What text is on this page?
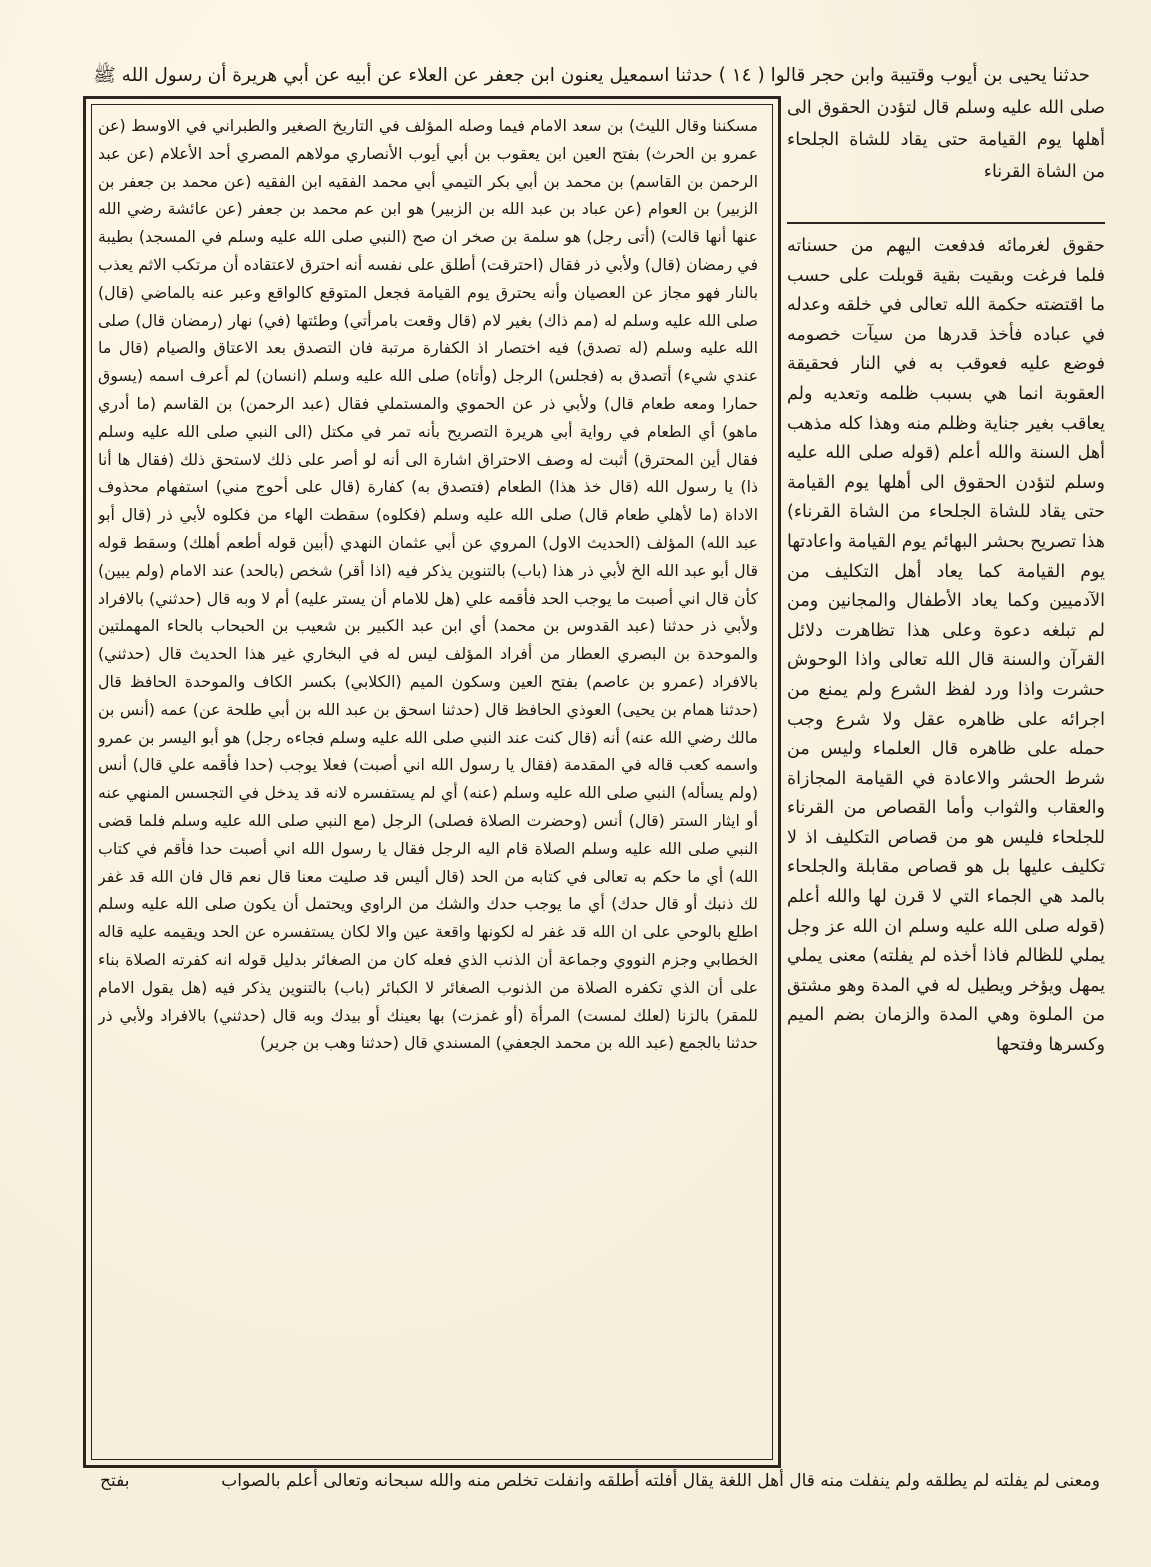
حدثنا يحيى بن أيوب وقتيبة وابن حجر قالوا ( ١٤ ) حدثنا اسمعيل يعنون ابن جعفر عن العلاء عن أبيه عن أبي هريرة أن رسول الله ﷺ

مسكننا وقال الليث) بن سعد الامام فيما وصله المؤلف في التاريخ الصغير والطبراني في الاوسط (عن عمرو بن الحرث) بفتح العين ابن يعقوب بن أبي أيوب الأنصاري مولاهم المصري أحد الأعلام (عن عبد الرحمن بن القاسم) بن محمد بن أبي بكر التيمي أبي محمد الفقيه ابن الفقيه (عن محمد بن جعفر بن الزبير) بن العوام (عن عباد بن عبد الله بن الزبير) هو ابن عم محمد بن جعفر (عن عائشة رضي الله عنها أنها قالت) (أتى رجل) هو سلمة بن صخر ان صح (النبي صلى الله عليه وسلم في المسجد) بطيبة في رمضان (قال) ولأبي ذر فقال (احترقت) أطلق على نفسه أنه احترق لاعتقاده أن مرتكب الاثم يعذب بالنار فهو مجاز عن العصيان وأنه يحترق يوم القيامة فجعل المتوقع كالواقع وعبر عنه بالماضي (قال) صلى الله عليه وسلم له (مم ذاك) بغير لام (قال وقعت بامرأتي) وطئتها (في) نهار (رمضان قال) صلى الله عليه وسلم (له تصدق) فيه اختصار اذ الكفارة مرتبة فان التصدق بعد الاعتاق والصيام (قال ما عندي شيء) أتصدق به (فجلس) الرجل (وأتاه) صلى الله عليه وسلم (انسان) لم أعرف اسمه (يسوق حمارا ومعه طعام قال) ولأبي ذر عن الحموي والمستملي فقال (عبد الرحمن) بن القاسم (ما أدري ماهو) أي الطعام في رواية أبي هريرة التصريح بأنه تمر في مكتل (الى النبي صلى الله عليه وسلم فقال أين المحترق) أثبت له وصف الاحتراق اشارة الى أنه لو أصر على ذلك لاستحق ذلك (فقال ها أنا ذا) يا رسول الله (قال خذ هذا) الطعام (فتصدق به) كفارة (قال على أحوج مني) استفهام محذوف الاداة (ما لأهلي طعام قال) صلى الله عليه وسلم (فكلوه) سقطت الهاء من فكلوه لأبي ذر (قال أبو عبد الله) المؤلف (الحديث الاول) المروي عن أبي عثمان النهدي (أبين قوله أطعم أهلك) وسقط قوله قال أبو عبد الله الخ لأبي ذر هذا (باب) بالتنوين يذكر فيه (اذا أقر) شخص (بالحد) عند الامام (ولم يبين) كأن قال اني أصبت ما يوجب الحد فأقمه علي (هل للامام أن يستر عليه) أم لا وبه قال (حدثني) بالافراد ولأبي ذر حدثنا (عبد القدوس بن محمد) أي ابن عبد الكبير بن شعيب بن الحبحاب بالحاء المهملتين والموحدة بن البصري العطار من أفراد المؤلف ليس له في البخاري غير هذا الحديث قال (حدثني) بالافراد (عمرو بن عاصم) بفتح العين وسكون الميم (الكلابي) بكسر الكاف والموحدة الحافظ قال (حدثنا همام بن يحيى) العوذي الحافظ قال (حدثنا اسحق بن عبد الله بن أبي طلحة عن) عمه (أنس بن مالك رضي الله عنه) أنه (قال كنت عند النبي صلى الله عليه وسلم فجاءه رجل) هو أبو اليسر بن عمرو واسمه كعب قاله في المقدمة (فقال يا رسول الله اني أصبت) فعلا يوجب (حدا فأقمه علي قال) أنس (ولم يسأله) النبي صلى الله عليه وسلم (عنه) أي لم يستفسره لانه قد يدخل في التجسس المنهي عنه أو ايثار الستر (قال) أنس (وحضرت الصلاة فصلى) الرجل (مع النبي صلى الله عليه وسلم فلما قضى النبي صلى الله عليه وسلم الصلاة قام اليه الرجل فقال يا رسول الله اني أصبت حدا فأقم في كتاب الله) أي ما حكم به تعالى في كتابه من الحد (قال أليس قد صليت معنا قال نعم قال فان الله قد غفر لك ذنبك أو قال حدك) أي ما يوجب حدك والشك من الراوي ويحتمل أن يكون صلى الله عليه وسلم اطلع بالوحي على ان الله قد غفر له لكونها واقعة عين والا لكان يستفسره عن الحد ويقيمه عليه قاله الخطابي وجزم النووي وجماعة أن الذنب الذي فعله كان من الصغائر بدليل قوله انه كفرته الصلاة بناء على أن الذي تكفره الصلاة من الذنوب الصغائر لا الكبائر (باب) بالتنوين يذكر فيه (هل يقول الامام للمقر) بالزنا (لعلك لمست) المرأة (أو غمزت) بها بعينك أو بيدك وبه قال (حدثني) بالافراد ولأبي ذر حدثنا بالجمع (عبد الله بن محمد الجعفي) المسندي قال (حدثنا وهب بن جرير)

صلى الله عليه وسلم قال لتؤدن الحقوق الى أهلها يوم القيامة حتى يقاد للشاة الجلحاء من الشاة القرناء

حقوق لغرمائه فدفعت اليهم من حسناته فلما فرغت وبقيت بقية قوبلت على حسب ما اقتضته حكمة الله تعالى في خلقه وعدله في عباده فأخذ قدرها من سيآت خصومه فوضع عليه فعوقب به في النار فحقيقة العقوبة انما هي بسبب ظلمه وتعديه ولم يعاقب بغير جناية وظلم منه وهذا كله مذهب أهل السنة والله أعلم (قوله صلى الله عليه وسلم لتؤدن الحقوق الى أهلها يوم القيامة حتى يقاد للشاة الجلحاء من الشاة القرناء) هذا تصريح بحشر البهائم يوم القيامة واعادتها يوم القيامة كما يعاد أهل التكليف من الآدميين وكما يعاد الأطفال والمجانين ومن لم تبلغه دعوة وعلى هذا تظاهرت دلائل القرآن والسنة قال الله تعالى واذا الوحوش حشرت واذا ورد لفظ الشرع ولم يمنع من اجرائه على ظاهره عقل ولا شرع وجب حمله على ظاهره قال العلماء وليس من شرط الحشر والاعادة في القيامة المجازاة والعقاب والثواب وأما القصاص من القرناء للجلحاء فليس هو من قصاص التكليف اذ لا تكليف عليها بل هو قصاص مقابلة والجلحاء بالمد هي الجماء التي لا قرن لها والله أعلم (قوله صلى الله عليه وسلم ان الله عز وجل يملي للظالم فاذا أخذه لم يفلته) معنى يملي يمهل ويؤخر ويطيل له في المدة وهو مشتق من الملوة وهي المدة والزمان بضم الميم وكسرها وفتحها

ومعنى لم يفلته لم يطلقه ولم ينفلت منه قال أهل اللغة يقال أفلته أطلقه وانفلت تخلص منه والله سبحانه وتعالى أعلم بالصواب
بفتح
